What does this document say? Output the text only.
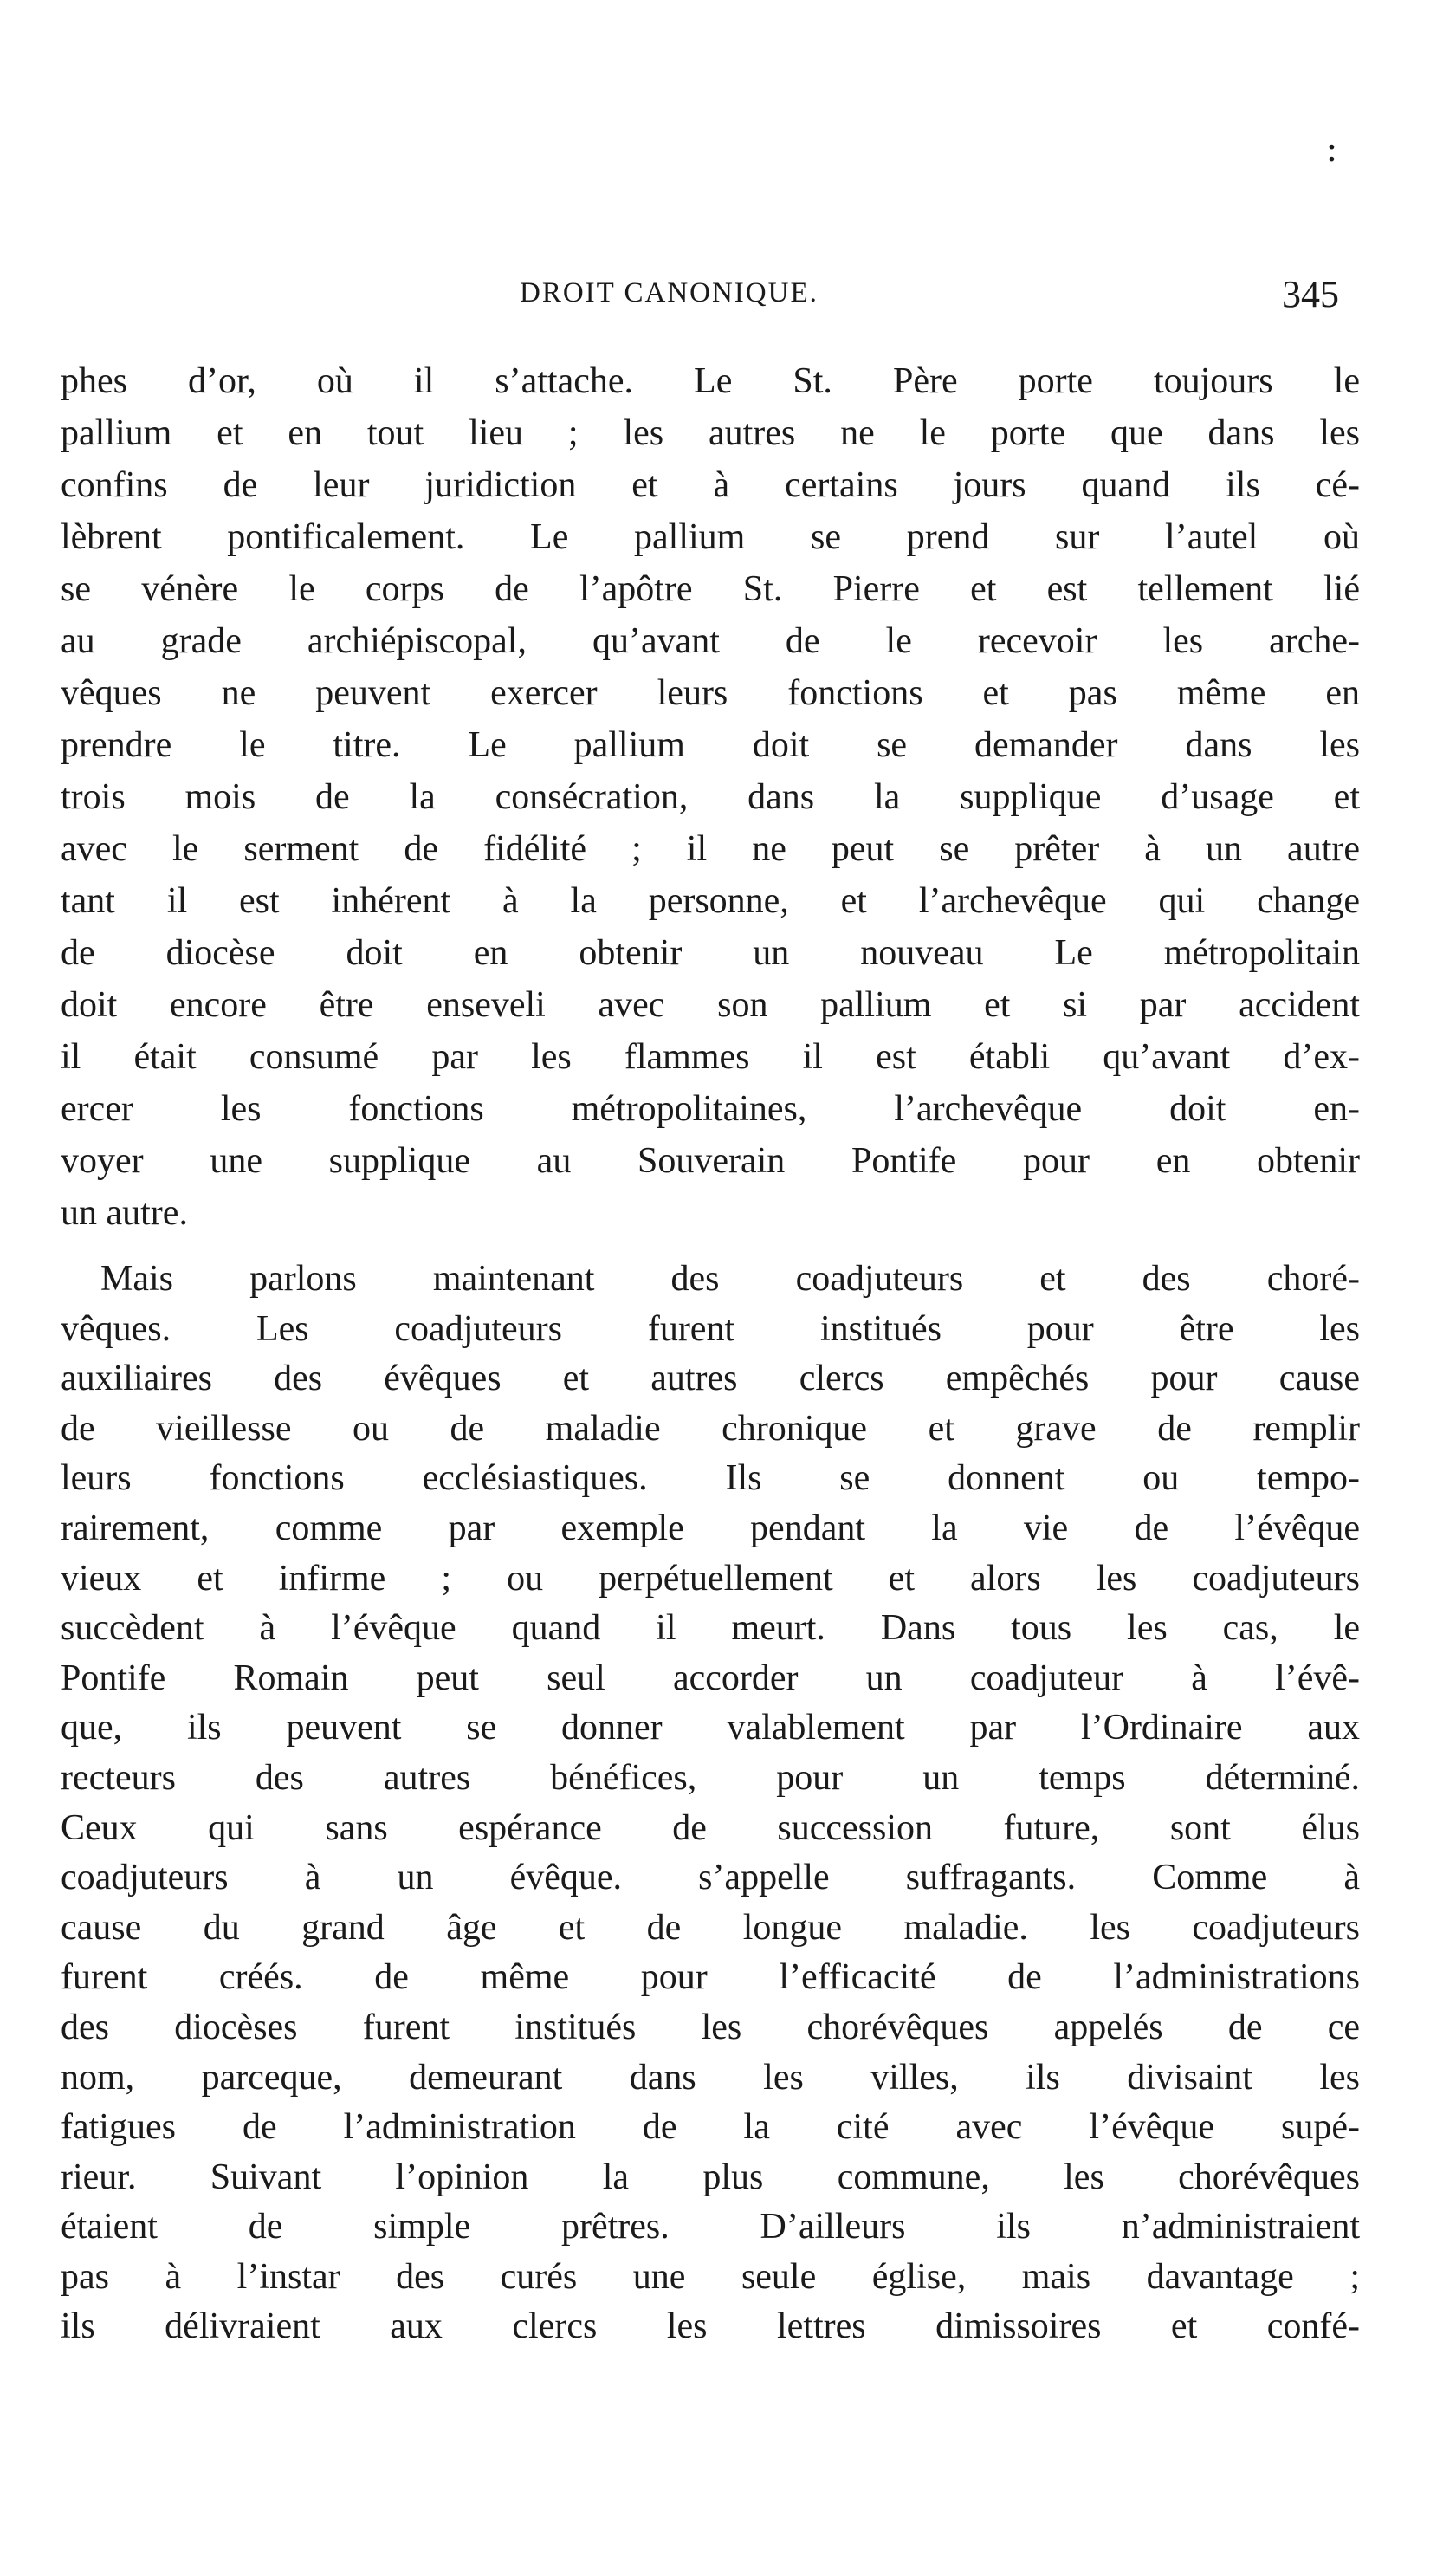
:
DROIT CANONIQUE.	345
phes d’or, où il s’attache. Le St. Père porte toujours le
pallium et en tout lieu ; les autres ne le porte que dans les
confins de leur juridiction et à certains jours quand ils cé-
lèbrent pontificalement. Le pallium se prend sur l’autel où
se vénère le corps de l’apôtre St. Pierre et est tellement lié
au grade archiépiscopal, qu’avant de le recevoir les arche-
vêques ne peuvent exercer leurs fonctions et pas même en
prendre le titre. Le pallium doit se demander dans les
trois mois de la consécration, dans la supplique d’usage et
avec le serment de fidélité ; il ne peut se prêter à un autre
tant il est inhérent à la personne, et l’archevêque qui change
de diocèse doit en obtenir un nouveau Le métropolitain
doit encore être enseveli avec son pallium et si par accident
il était consumé par les flammes il est établi qu’avant d’ex-
ercer les fonctions métropolitaines, l’archevêque doit en-
voyer une supplique au Souverain Pontife pour en obtenir
un autre.
Mais parlons maintenant des coadjuteurs et des choré-
vêques. Les coadjuteurs furent institués pour être les
auxiliaires des évêques et autres clercs empêchés pour cause
de vieillesse ou de maladie chronique et grave de remplir
leurs fonctions ecclésiastiques. Ils se donnent ou tempo-
rairement, comme par exemple pendant la vie de l’évêque
vieux et infirme ; ou perpétuellement et alors les coadjuteurs
succèdent à l’évêque quand il meurt. Dans tous les cas, le
Pontife Romain peut seul accorder un coadjuteur à l’évê-
que, ils peuvent se donner valablement par l’Ordinaire aux
recteurs des autres bénéfices, pour un temps déterminé.
Ceux qui sans espérance de succession future, sont élus
coadjuteurs à un évêque. s’appelle suffragants. Comme à
cause du grand âge et de longue maladie. les coadjuteurs
furent créés. de même pour l’efficacité de l’administrations
des diocèses furent institués les chorévêques appelés de ce
nom, parceque, demeurant dans les villes, ils divisaint les
fatigues de l’administration de la cité avec l’évêque supé-
rieur. Suivant l’opinion la plus commune, les chorévêques
étaient de simple prêtres. D’ailleurs ils n’administraient
pas à l’instar des curés une seule église, mais davantage ;
ils délivraient aux clercs les lettres dimissoires et confé-
